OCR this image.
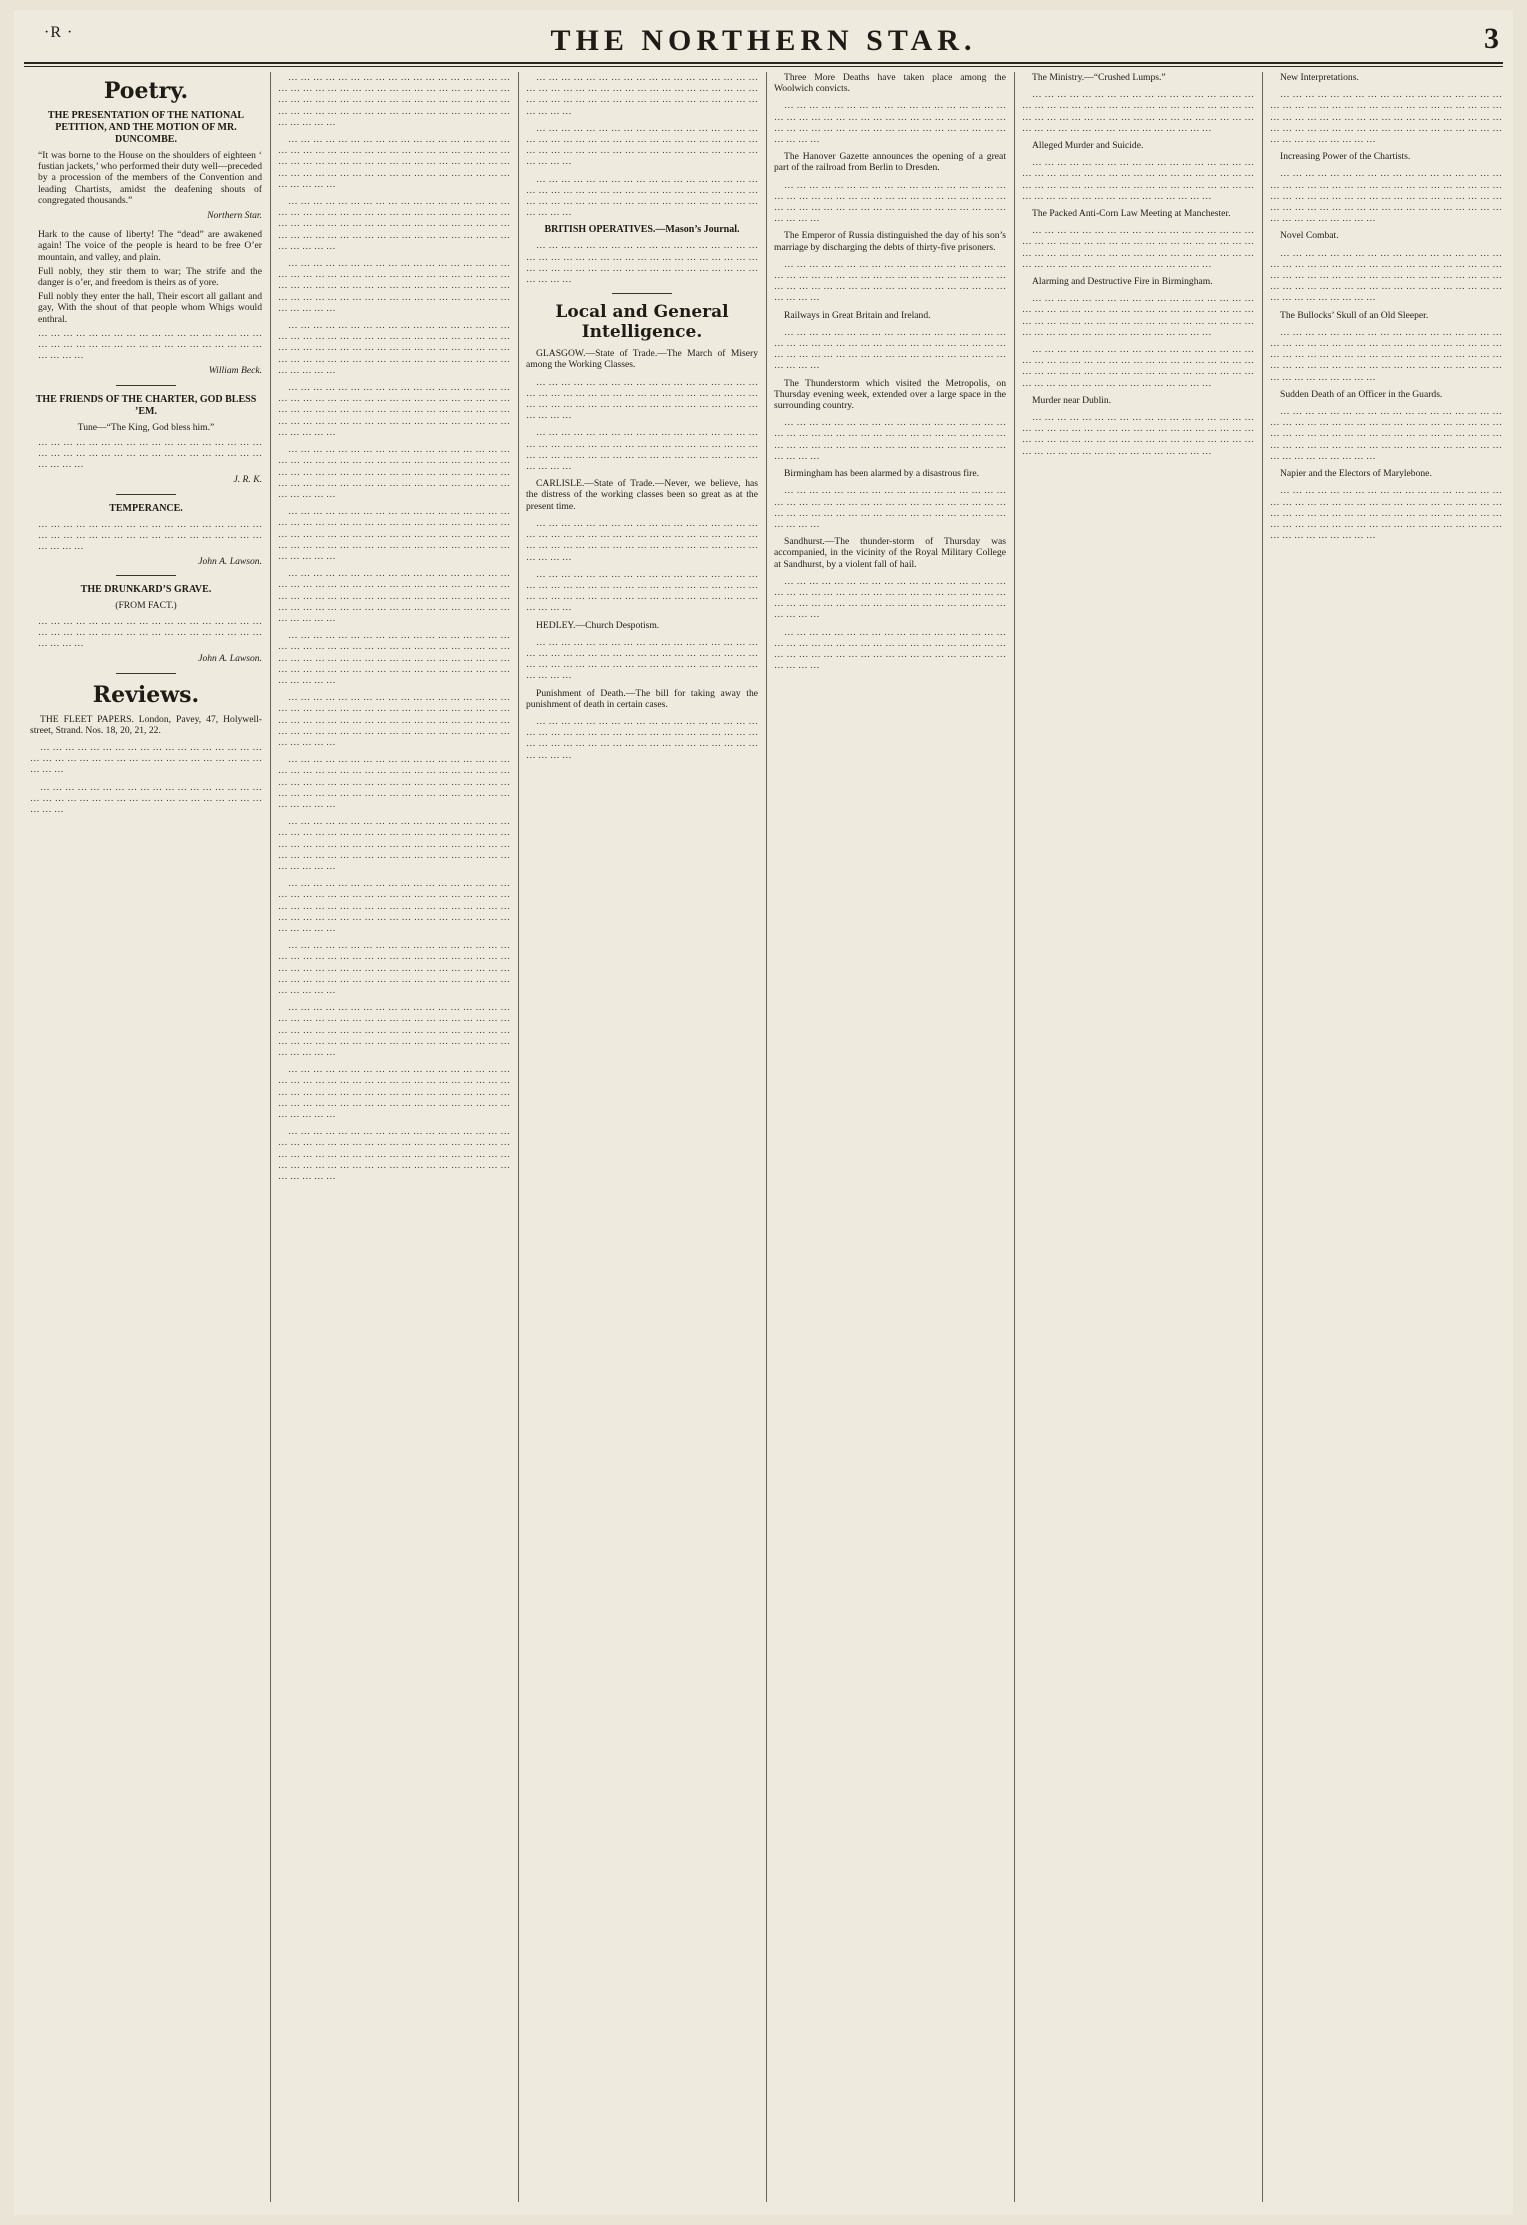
·R ·	THE NORTHERN STAR.	3
Poetry.
THE PRESENTATION OF THE NATIONAL PETITION, AND THE MOTION OF MR. DUNCOMBE.

“It was borne to the House on the shoulders of eighteen ‘ fustian jackets,’ who performed their duty well—preceded by a procession of the members of the Convention and leading Chartists, amidst the deafening shouts of congregated thousands.”

Northern Star.

Hark to the cause of liberty! The “dead” are awakened again! The voice of the people is heard to be free O’er mountain, and valley, and plain.

Full nobly, they stir them to war; The strife and the danger is o’er, and freedom is theirs as of yore.

Full nobly they enter the hall, Their escort all gallant and gay, With the shout of that people whom Whigs would enthral.

… … … … … … … … … … … … … … … … … … … … … … … … … … … … … … … … … … … … … … … …

William Beck.
THE FRIENDS OF THE CHARTER, GOD BLESS ’EM.
Tune—“The King, God bless him.”

… … … … … … … … … … … … … … … … … … … … … … … … … … … … … … … … … … … … … … … …

J. R. K.
TEMPERANCE.

… … … … … … … … … … … … … … … … … … … … … … … … … … … … … … … … … … … … … … … …

John A. Lawson.
THE DRUNKARD’S GRAVE.
(FROM FACT.)

… … … … … … … … … … … … … … … … … … … … … … … … … … … … … … … … … … … … … … … …

John A. Lawson.
Reviews.

THE FLEET PAPERS. London, Pavey, 47, Holywell-street, Strand. Nos. 18, 20, 21, 22.

… … … … … … … … … … … … … … … … … … … … … … … … … … … … … … … … … … … … … … … …

… … … … … … … … … … … … … … … … … … … … … … … … … … … … … … … … … … … … … … … …

… … … … … … … … … … … … … … … … … … … … … … … … … … … … … … … … … … … … … … … … … … … … … … … … … … … … … … … … … … … … … … … … … … … … … … … … … … … … … … … …

… … … … … … … … … … … … … … … … … … … … … … … … … … … … … … … … … … … … … … … … … … … … … … … … … … … … … … … … … … … … … … … … … … … … … … … … … … … … … … … …

… … … … … … … … … … … … … … … … … … … … … … … … … … … … … … … … … … … … … … … … … … … … … … … … … … … … … … … … … … … … … … … … … … … … … … … … … … … … … … … …

… … … … … … … … … … … … … … … … … … … … … … … … … … … … … … … … … … … … … … … … … … … … … … … … … … … … … … … … … … … … … … … … … … … … … … … … … … … … … … … …

… … … … … … … … … … … … … … … … … … … … … … … … … … … … … … … … … … … … … … … … … … … … … … … … … … … … … … … … … … … … … … … … … … … … … … … … … … … … … … … …

… … … … … … … … … … … … … … … … … … … … … … … … … … … … … … … … … … … … … … … … … … … … … … … … … … … … … … … … … … … … … … … … … … … … … … … … … … … … … … … …

… … … … … … … … … … … … … … … … … … … … … … … … … … … … … … … … … … … … … … … … … … … … … … … … … … … … … … … … … … … … … … … … … … … … … … … … … … … … … … … …

… … … … … … … … … … … … … … … … … … … … … … … … … … … … … … … … … … … … … … … … … … … … … … … … … … … … … … … … … … … … … … … … … … … … … … … … … … … … … … … …

… … … … … … … … … … … … … … … … … … … … … … … … … … … … … … … … … … … … … … … … … … … … … … … … … … … … … … … … … … … … … … … … … … … … … … … … … … … … … … … …

… … … … … … … … … … … … … … … … … … … … … … … … … … … … … … … … … … … … … … … … … … … … … … … … … … … … … … … … … … … … … … … … … … … … … … … … … … … … … … … …

… … … … … … … … … … … … … … … … … … … … … … … … … … … … … … … … … … … … … … … … … … … … … … … … … … … … … … … … … … … … … … … … … … … … … … … … … … … … … … … …

… … … … … … … … … … … … … … … … … … … … … … … … … … … … … … … … … … … … … … … … … … … … … … … … … … … … … … … … … … … … … … … … … … … … … … … … … … … … … … … …

… … … … … … … … … … … … … … … … … … … … … … … … … … … … … … … … … … … … … … … … … … … … … … … … … … … … … … … … … … … … … … … … … … … … … … … … … … … … … … … …

… … … … … … … … … … … … … … … … … … … … … … … … … … … … … … … … … … … … … … … … … … … … … … … … … … … … … … … … … … … … … … … … … … … … … … … … … … … … … … … …

… … … … … … … … … … … … … … … … … … … … … … … … … … … … … … … … … … … … … … … … … … … … … … … … … … … … … … … … … … … … … … … … … … … … … … … … … … … … … … … …

… … … … … … … … … … … … … … … … … … … … … … … … … … … … … … … … … … … … … … … … … … … … … … … … … … … … … … … … … … … … … … … … … … … … … … … … … … … … … … … …

… … … … … … … … … … … … … … … … … … … … … … … … … … … … … … … … … … … … … … … … … … … … … … … … … … … … … … … … … … … … … … … … … … … … … … … … … … … … … … … …

… … … … … … … … … … … … … … … … … … … … … … … … … … … … … … … … … … … … … … … … … … … … … … … … … … … … … … … … … … … … … … … … … … … … … … … … … … … … … … … …

… … … … … … … … … … … … … … … … … … … … … … … … … … … … … … … … … … … … … … … … … … … … … … … … … … … … … … … … … … … …

… … … … … … … … … … … … … … … … … … … … … … … … … … … … … … … … … … … … … … … … … … … … … … … … … … … … … … … … … … … …

… … … … … … … … … … … … … … … … … … … … … … … … … … … … … … … … … … … … … … … … … … … … … … … … … … … … … … … … … … … …

BRITISH OPERATIVES.—Mason’s Journal.

… … … … … … … … … … … … … … … … … … … … … … … … … … … … … … … … … … … … … … … … … … … … … … … … … … … … … … … … … … … …

Local and General Intelligence.

GLASGOW.—State of Trade.—The March of Misery among the Working Classes.

… … … … … … … … … … … … … … … … … … … … … … … … … … … … … … … … … … … … … … … … … … … … … … … … … … … … … … … … … … … …

… … … … … … … … … … … … … … … … … … … … … … … … … … … … … … … … … … … … … … … … … … … … … … … … … … … … … … … … … … … …

CARLISLE.—State of Trade.—Never, we believe, has the distress of the working classes been so great as at the present time.

… … … … … … … … … … … … … … … … … … … … … … … … … … … … … … … … … … … … … … … … … … … … … … … … … … … … … … … … … … … …

… … … … … … … … … … … … … … … … … … … … … … … … … … … … … … … … … … … … … … … … … … … … … … … … … … … … … … … … … … … …

HEDLEY.—Church Despotism.

… … … … … … … … … … … … … … … … … … … … … … … … … … … … … … … … … … … … … … … … … … … … … … … … … … … … … … … … … … … …

Punishment of Death.—The bill for taking away the punishment of death in certain cases.

… … … … … … … … … … … … … … … … … … … … … … … … … … … … … … … … … … … … … … … … … … … … … … … … … … … … … … … … … … … …

Three More Deaths have taken place among the Woolwich convicts.

… … … … … … … … … … … … … … … … … … … … … … … … … … … … … … … … … … … … … … … … … … … … … … … … … … … … … … … … … … … …

The Hanover Gazette announces the opening of a great part of the railroad from Berlin to Dresden.

… … … … … … … … … … … … … … … … … … … … … … … … … … … … … … … … … … … … … … … … … … … … … … … … … … … … … … … … … … … …

The Emperor of Russia distinguished the day of his son’s marriage by discharging the debts of thirty-five prisoners.

… … … … … … … … … … … … … … … … … … … … … … … … … … … … … … … … … … … … … … … … … … … … … … … … … … … … … … … … … … … …

Railways in Great Britain and Ireland.

… … … … … … … … … … … … … … … … … … … … … … … … … … … … … … … … … … … … … … … … … … … … … … … … … … … … … … … … … … … …

The Thunderstorm which visited the Metropolis, on Thursday evening week, extended over a large space in the surrounding country.

… … … … … … … … … … … … … … … … … … … … … … … … … … … … … … … … … … … … … … … … … … … … … … … … … … … … … … … … … … … …

Birmingham has been alarmed by a disastrous fire.

… … … … … … … … … … … … … … … … … … … … … … … … … … … … … … … … … … … … … … … … … … … … … … … … … … … … … … … … … … … …

Sandhurst.—The thunder-storm of Thursday was accompanied, in the vicinity of the Royal Military College at Sandhurst, by a violent fall of hail.

… … … … … … … … … … … … … … … … … … … … … … … … … … … … … … … … … … … … … … … … … … … … … … … … … … … … … … … … … … … …

… … … … … … … … … … … … … … … … … … … … … … … … … … … … … … … … … … … … … … … … … … … … … … … … … … … … … … … … … … … …

The Ministry.—“Crushed Lumps.”

… … … … … … … … … … … … … … … … … … … … … … … … … … … … … … … … … … … … … … … … … … … … … … … … … … … … … … … … … … … … … … … … … … … … … … … …

Alleged Murder and Suicide.

… … … … … … … … … … … … … … … … … … … … … … … … … … … … … … … … … … … … … … … … … … … … … … … … … … … … … … … … … … … … … … … … … … … … … … … …

The Packed Anti-Corn Law Meeting at Manchester.

… … … … … … … … … … … … … … … … … … … … … … … … … … … … … … … … … … … … … … … … … … … … … … … … … … … … … … … … … … … … … … … … … … … … … … … …

Alarming and Destructive Fire in Birmingham.

… … … … … … … … … … … … … … … … … … … … … … … … … … … … … … … … … … … … … … … … … … … … … … … … … … … … … … … … … … … … … … … … … … … … … … … …

… … … … … … … … … … … … … … … … … … … … … … … … … … … … … … … … … … … … … … … … … … … … … … … … … … … … … … … … … … … … … … … … … … … … … … … …

Murder near Dublin.

… … … … … … … … … … … … … … … … … … … … … … … … … … … … … … … … … … … … … … … … … … … … … … … … … … … … … … … … … … … … … … … … … … … … … … … …

New Interpretations.

… … … … … … … … … … … … … … … … … … … … … … … … … … … … … … … … … … … … … … … … … … … … … … … … … … … … … … … … … … … … … … … … … … … … … … … … … … … … … … … … … … … …

Increasing Power of the Chartists.

… … … … … … … … … … … … … … … … … … … … … … … … … … … … … … … … … … … … … … … … … … … … … … … … … … … … … … … … … … … … … … … … … … … … … … … … … … … … … … … … … … … …

Novel Combat.

… … … … … … … … … … … … … … … … … … … … … … … … … … … … … … … … … … … … … … … … … … … … … … … … … … … … … … … … … … … … … … … … … … … … … … … … … … … … … … … … … … … …

The Bullocks’ Skull of an Old Sleeper.

… … … … … … … … … … … … … … … … … … … … … … … … … … … … … … … … … … … … … … … … … … … … … … … … … … … … … … … … … … … … … … … … … … … … … … … … … … … … … … … … … … … …

Sudden Death of an Officer in the Guards.

… … … … … … … … … … … … … … … … … … … … … … … … … … … … … … … … … … … … … … … … … … … … … … … … … … … … … … … … … … … … … … … … … … … … … … … … … … … … … … … … … … … …

Napier and the Electors of Marylebone.

… … … … … … … … … … … … … … … … … … … … … … … … … … … … … … … … … … … … … … … … … … … … … … … … … … … … … … … … … … … … … … … … … … … … … … … … … … … … … … … … … … … …
